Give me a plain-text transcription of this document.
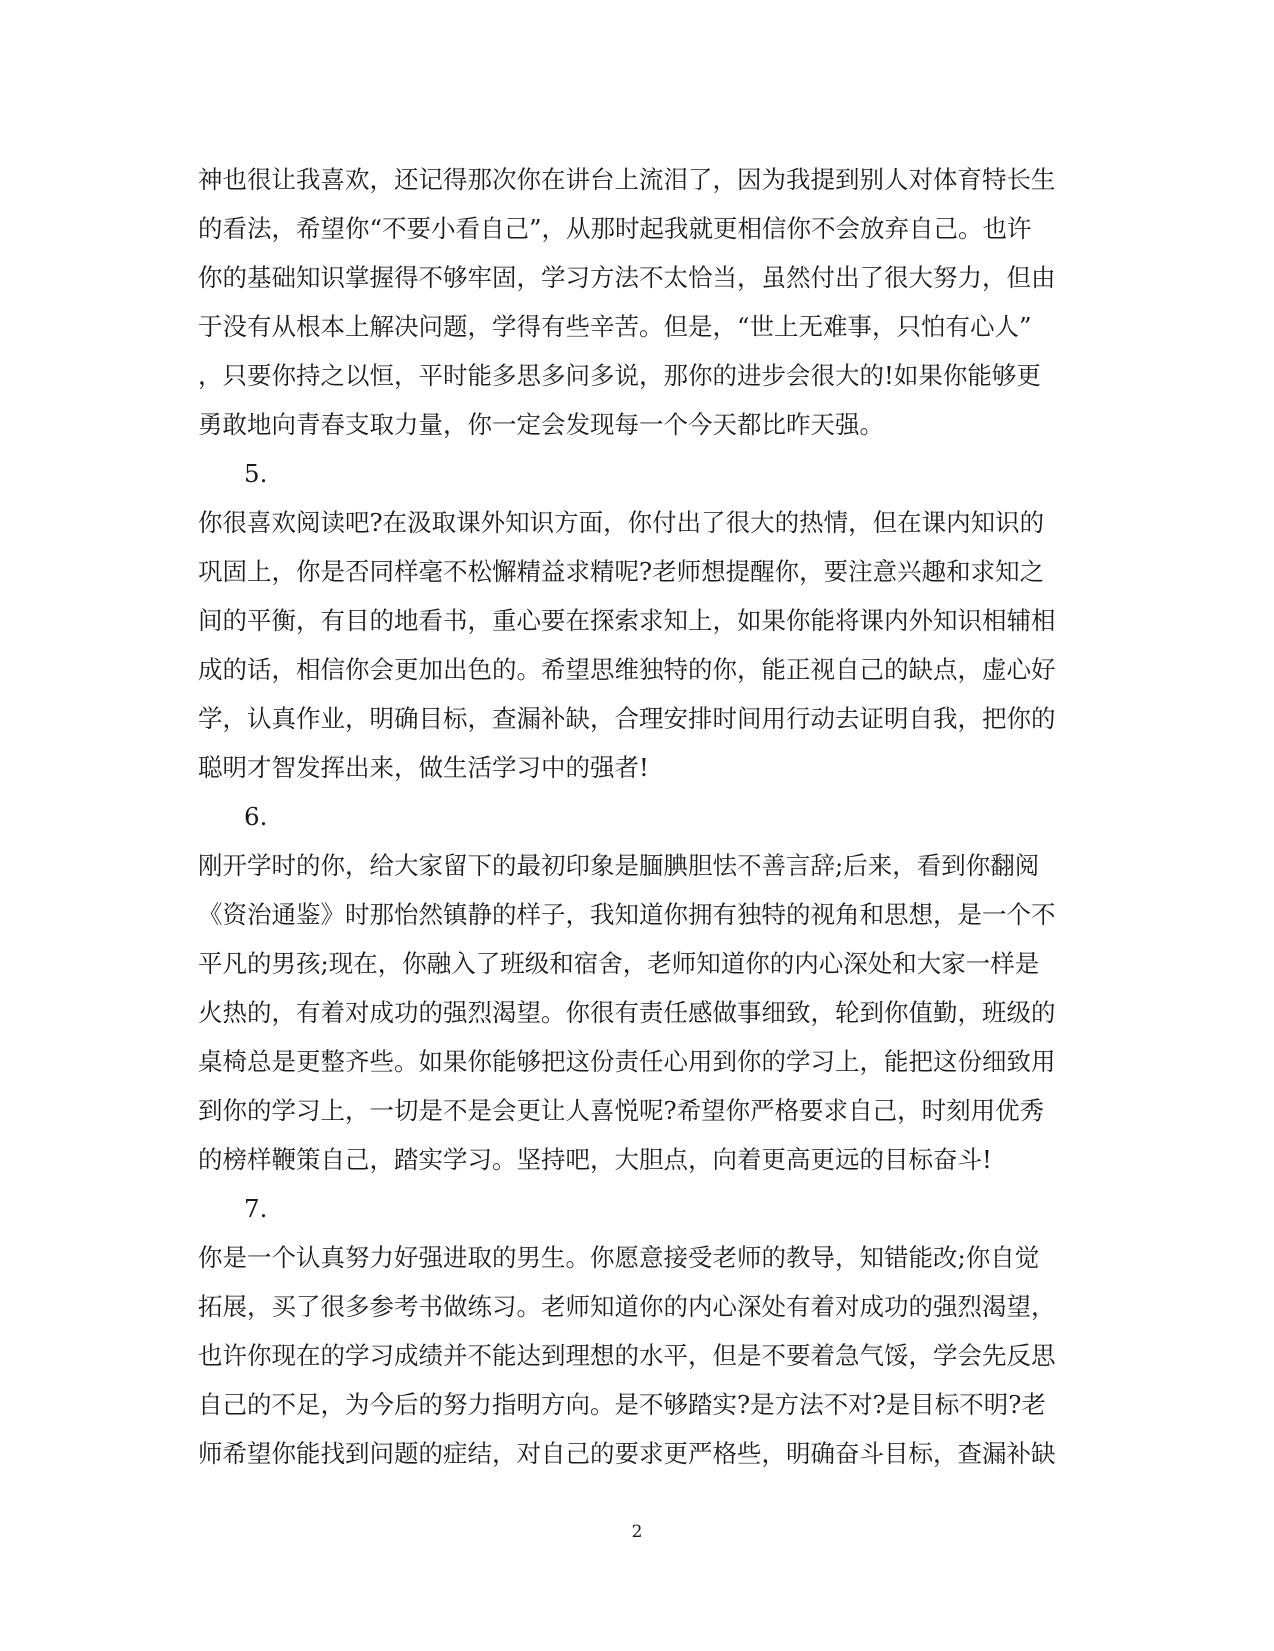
神也很让我喜欢，还记得那次你在讲台上流泪了，因为我提到别人对体育特长生
的看法，希望你“不要小看自己”，从那时起我就更相信你不会放弃自己。也许
你的基础知识掌握得不够牢固，学习方法不太恰当，虽然付出了很大努力，但由
于没有从根本上解决问题，学得有些辛苦。但是，“世上无难事，只怕有心人”
，只要你持之以恒，平时能多思多问多说，那你的进步会很大的!如果你能够更
勇敢地向青春支取力量，你一定会发现每一个今天都比昨天强。
5.
你很喜欢阅读吧?在汲取课外知识方面，你付出了很大的热情，但在课内知识的
巩固上，你是否同样毫不松懈精益求精呢?老师想提醒你，要注意兴趣和求知之
间的平衡，有目的地看书，重心要在探索求知上，如果你能将课内外知识相辅相
成的话，相信你会更加出色的。希望思维独特的你，能正视自己的缺点，虚心好
学，认真作业，明确目标，查漏补缺，合理安排时间用行动去证明自我，把你的
聪明才智发挥出来，做生活学习中的强者!
6.
刚开学时的你，给大家留下的最初印象是腼腆胆怯不善言辞;后来，看到你翻阅
《资治通鉴》时那怡然镇静的样子，我知道你拥有独特的视角和思想，是一个不
平凡的男孩;现在，你融入了班级和宿舍，老师知道你的内心深处和大家一样是
火热的，有着对成功的强烈渴望。你很有责任感做事细致，轮到你值勤，班级的
桌椅总是更整齐些。如果你能够把这份责任心用到你的学习上，能把这份细致用
到你的学习上，一切是不是会更让人喜悦呢?希望你严格要求自己，时刻用优秀
的榜样鞭策自己，踏实学习。坚持吧，大胆点，向着更高更远的目标奋斗!
7.
你是一个认真努力好强进取的男生。你愿意接受老师的教导，知错能改;你自觉
拓展，买了很多参考书做练习。老师知道你的内心深处有着对成功的强烈渴望，
也许你现在的学习成绩并不能达到理想的水平，但是不要着急气馁，学会先反思
自己的不足，为今后的努力指明方向。是不够踏实?是方法不对?是目标不明?老
师希望你能找到问题的症结，对自己的要求更严格些，明确奋斗目标，查漏补缺
2
